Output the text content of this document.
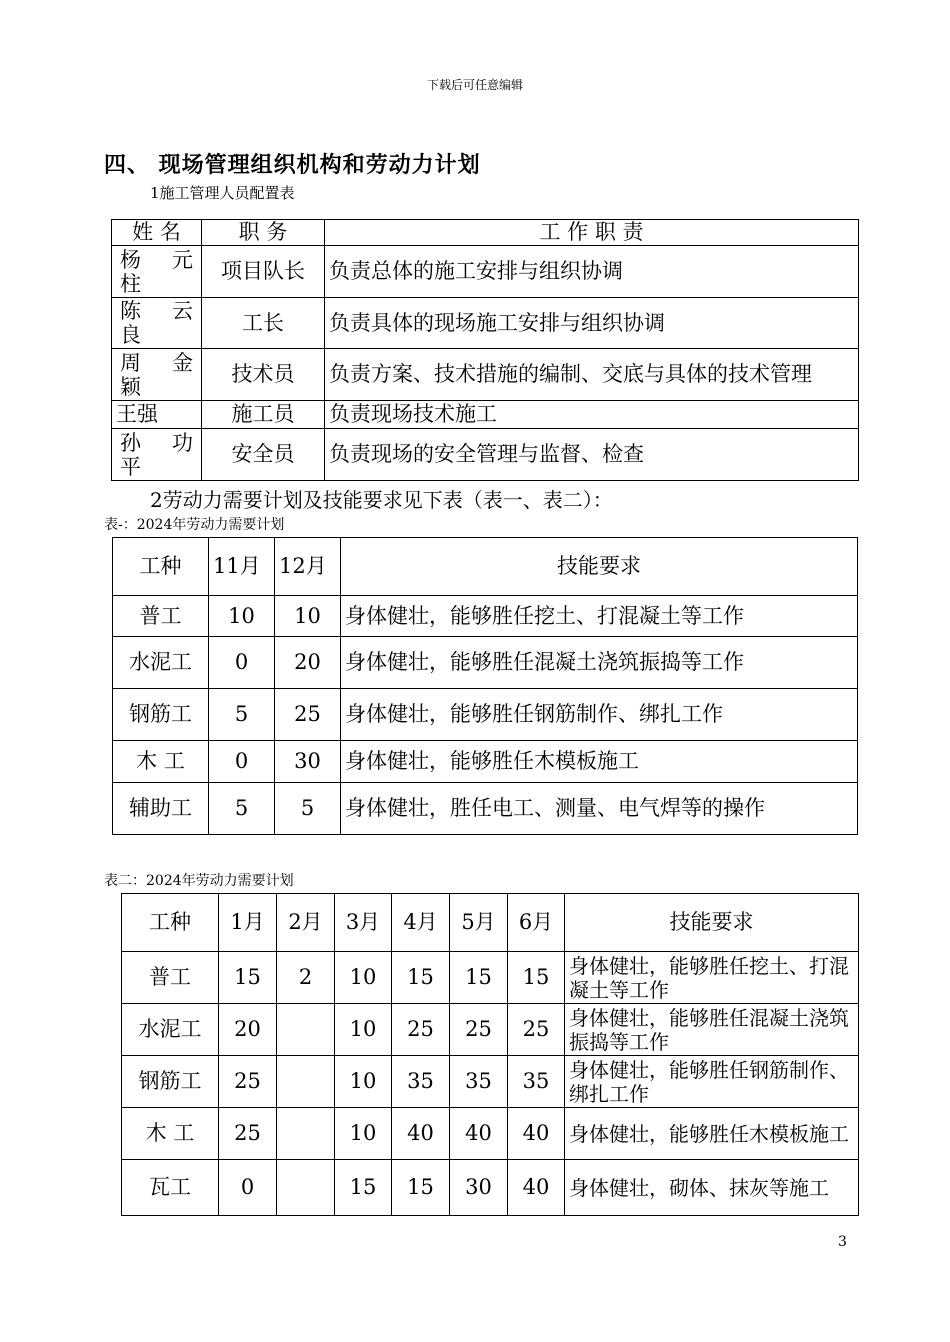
下载后可任意编辑
四、 现场管理组织机构和劳动力计划
1施工管理人员配置表
姓 名	职 务	工 作 职 责
杨 元 柱	项目队长	负责总体的施工安排与组织协调
陈 云 良	工长	负责具体的现场施工安排与组织协调
周 金 颖	技术员	负责方案、技术措施的编制、交底与具体的技术管理
王强	施工员	负责现场技术施工
孙 功 平	安全员	负责现场的安全管理与监督、检查
2劳动力需要计划及技能要求见下表（表一、表二）：
表-：2024年劳动力需要计划
工种	11月	12月	技能要求
普工	10	10	身体健壮，能够胜任挖土、打混凝土等工作
水泥工	0	20	身体健壮，能够胜任混凝土浇筑振捣等工作
钢筋工	5	25	身体健壮，能够胜任钢筋制作、绑扎工作
木 工	0	30	身体健壮，能够胜任木模板施工
辅助工	5	5	身体健壮，胜任电工、测量、电气焊等的操作
表二：2024年劳动力需要计划
工种	1月	2月	3月	4月	5月	6月	技能要求
普工	15	2	10	15	15	15	身体健壮，能够胜任挖土、打混凝土等工作
水泥工	20		10	25	25	25	身体健壮，能够胜任混凝土浇筑振捣等工作
钢筋工	25		10	35	35	35	身体健壮，能够胜任钢筋制作、绑扎工作
木 工	25		10	40	40	40	身体健壮，能够胜任木模板施工
瓦工	0		15	15	30	40	身体健壮，砌体、抹灰等施工
3
